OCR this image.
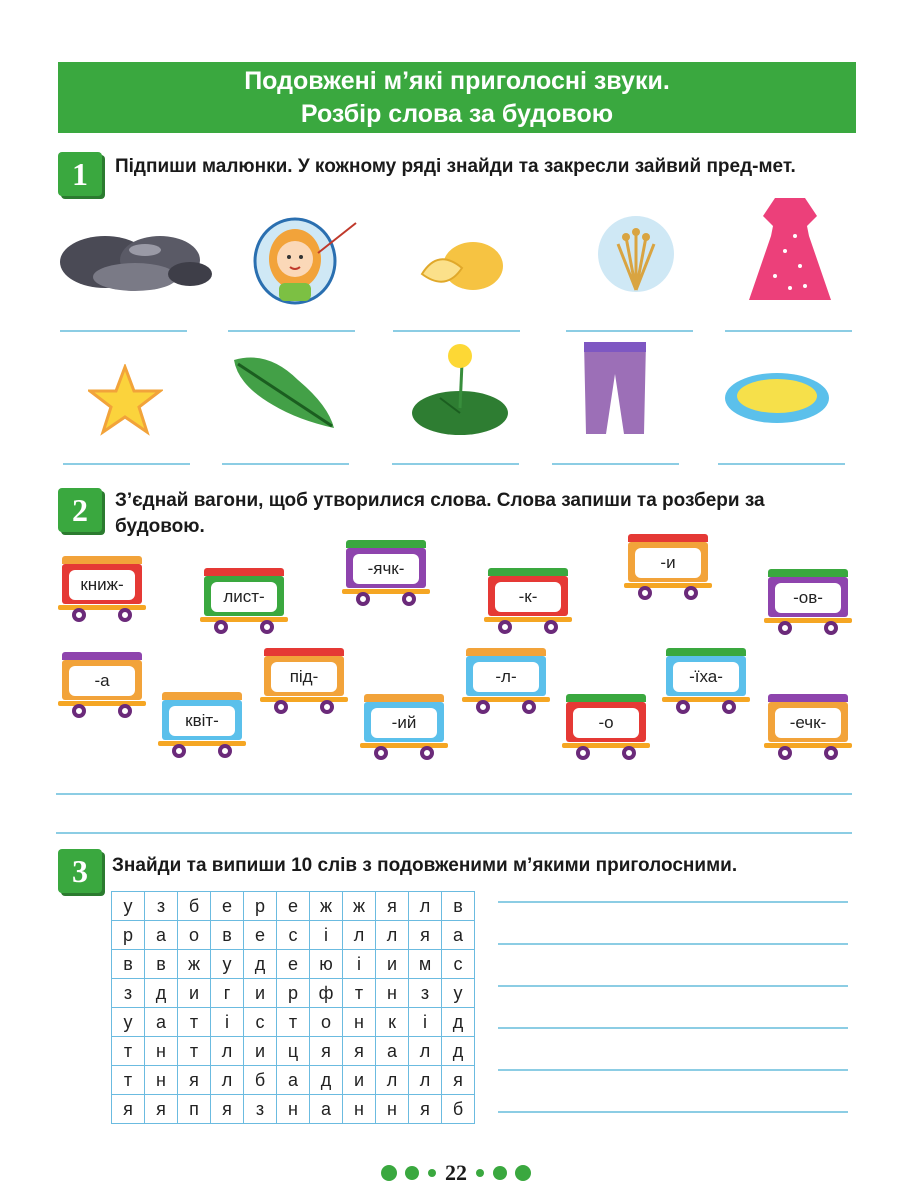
Подовжені м’які приголосні звуки.
Розбір слова за будовою
1	Підпиши малюнки. У кожному ряді знайди та закресли зайвий пред-мет.
2	З’єднай вагони, щоб утворилися слова. Слова запиши та розбери за будовою.
книж-
лист-
-ячк-
-к-
-и
-ов-
-а
квіт-
під-
-ий
-л-
-о
-їха-
-ечк-
3	Знайди та випиши 10 слів з подовженими м’якими приголосними.
у	з	б	е	р	е	ж	ж	я	л	в
р	а	о	в	е	с	і	л	л	я	а
в	в	ж	у	д	е	ю	і	и	м	с
з	д	и	г	и	р	ф	т	н	з	у
у	а	т	і	с	т	о	н	к	і	д
т	н	т	л	и	ц	я	я	а	л	д
т	н	я	л	б	а	д	и	л	л	я
я	я	п	я	з	н	а	н	н	я	б
22
